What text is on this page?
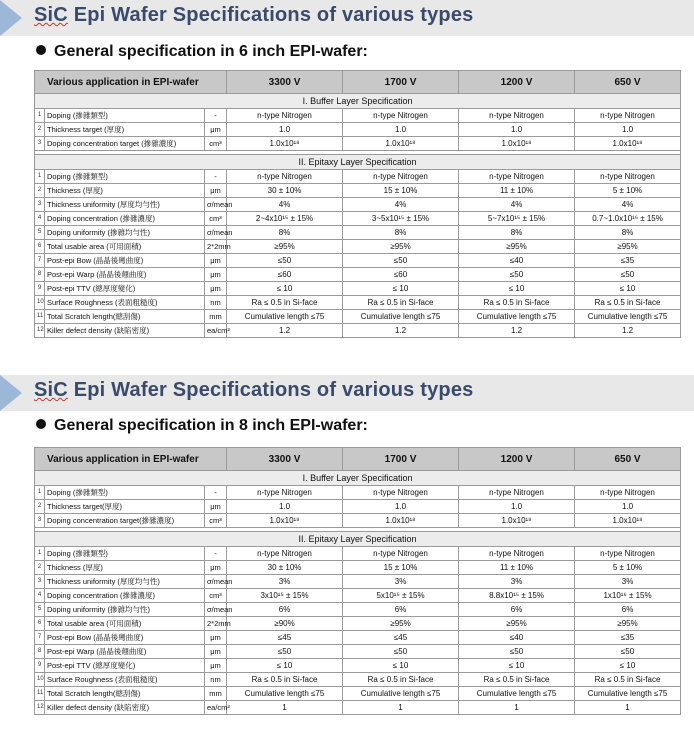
SiC Epi Wafer Specifications of various types
General specification in 6 inch EPI-wafer:
Various application in EPI-wafer			3300 V	1700 V	1200 V	650 V
I. Buffer Layer Specification						
1	Doping (摻雜類型)	-	n-type Nitrogen	n-type Nitrogen	n-type Nitrogen	n-type Nitrogen
2	Thickness target (厚度)	μm	1.0	1.0	1.0	1.0
3	Doping concentration target (摻雜濃度)	cm³	1.0x10¹⁸	1.0x10¹⁸	1.0x10¹⁸	1.0x10¹⁸

II. Epitaxy Layer Specification						
1	Doping (摻雜類型)	-	n-type Nitrogen	n-type Nitrogen	n-type Nitrogen	n-type Nitrogen
2	Thickness (厚度)	μm	30 ± 10%	15 ± 10%	11 ± 10%	5 ± 10%
3	Thickness uniformity (厚度均勻性)	σ/mean	4%	4%	4%	4%
4	Doping concentration (摻雜濃度)	cm³	2~4x10¹⁵ ± 15%	3~5x10¹⁵ ± 15%	5~7x10¹⁵ ± 15%	0.7~1.0x10¹⁶ ± 15%
5	Doping uniformity (摻雜均勻性)	σ/mean	8%	8%	8%	8%
6	Total usable area (可用面積)	2*2mm	≥95%	≥95%	≥95%	≥95%
7	Post-epi Bow (晶晶後彎曲度)	μm	≤50	≤50	≤40	≤35
8	Post-epi Warp (晶晶後翹曲度)	μm	≤60	≤60	≤50	≤50
9	Post-epi TTV (總厚度變化)	μm	≤ 10	≤ 10	≤ 10	≤ 10
10	Surface Roughness (表面粗糙度)	nm	Ra ≤ 0.5 in Si-face	Ra ≤ 0.5 in Si-face	Ra ≤ 0.5 in Si-face	Ra ≤ 0.5 in Si-face
11	Total Scratch length(總刮傷)	mm	Cumulative length ≤75	Cumulative length ≤75	Cumulative length ≤75	Cumulative length ≤75
12	Killer defect density (缺陷密度)	ea/cm²	1.2	1.2	1.2	1.2
SiC Epi Wafer Specifications of various types
General specification in 8 inch EPI-wafer:
Various application in EPI-wafer			3300 V	1700 V	1200 V	650 V
I. Buffer Layer Specification						
1	Doping (摻雜類型)	-	n-type Nitrogen	n-type Nitrogen	n-type Nitrogen	n-type Nitrogen
2	Thickness target(厚度)	μm	1.0	1.0	1.0	1.0
3	Doping concentration target(摻雜濃度)	cm³	1.0x10¹⁸	1.0x10¹⁸	1.0x10¹⁸	1.0x10¹⁸

II. Epitaxy Layer Specification						
1	Doping (摻雜類型)	-	n-type Nitrogen	n-type Nitrogen	n-type Nitrogen	n-type Nitrogen
2	Thickness (厚度)	μm	30 ± 10%	15 ± 10%	11 ± 10%	5 ± 10%
3	Thickness uniformity (厚度均勻性)	σ/mean	3%	3%	3%	3%
4	Doping concentration (摻雜濃度)	cm³	3x10¹⁵ ± 15%	5x10¹⁵ ± 15%	8.8x10¹⁵ ± 15%	1x10¹⁶ ± 15%
5	Doping uniformity (摻雜均勻性)	σ/mean	6%	6%	6%	6%
6	Total usable area (可用面積)	2*2mm	≥90%	≥95%	≥95%	≥95%
7	Post-epi Bow (晶晶後彎曲度)	μm	≤45	≤45	≤40	≤35
8	Post-epi Warp (晶晶後翹曲度)	μm	≤50	≤50	≤50	≤50
9	Post-epi TTV (總厚度變化)	μm	≤ 10	≤ 10	≤ 10	≤ 10
10	Surface Roughness (表面粗糙度)	nm	Ra ≤ 0.5 in Si-face	Ra ≤ 0.5 in Si-face	Ra ≤ 0.5 in Si-face	Ra ≤ 0.5 in Si-face
11	Total Scratch length(總刮傷)	mm	Cumulative length ≤75	Cumulative length ≤75	Cumulative length ≤75	Cumulative length ≤75
12	Killer defect density (缺陷密度)	ea/cm²	1	1	1	1
